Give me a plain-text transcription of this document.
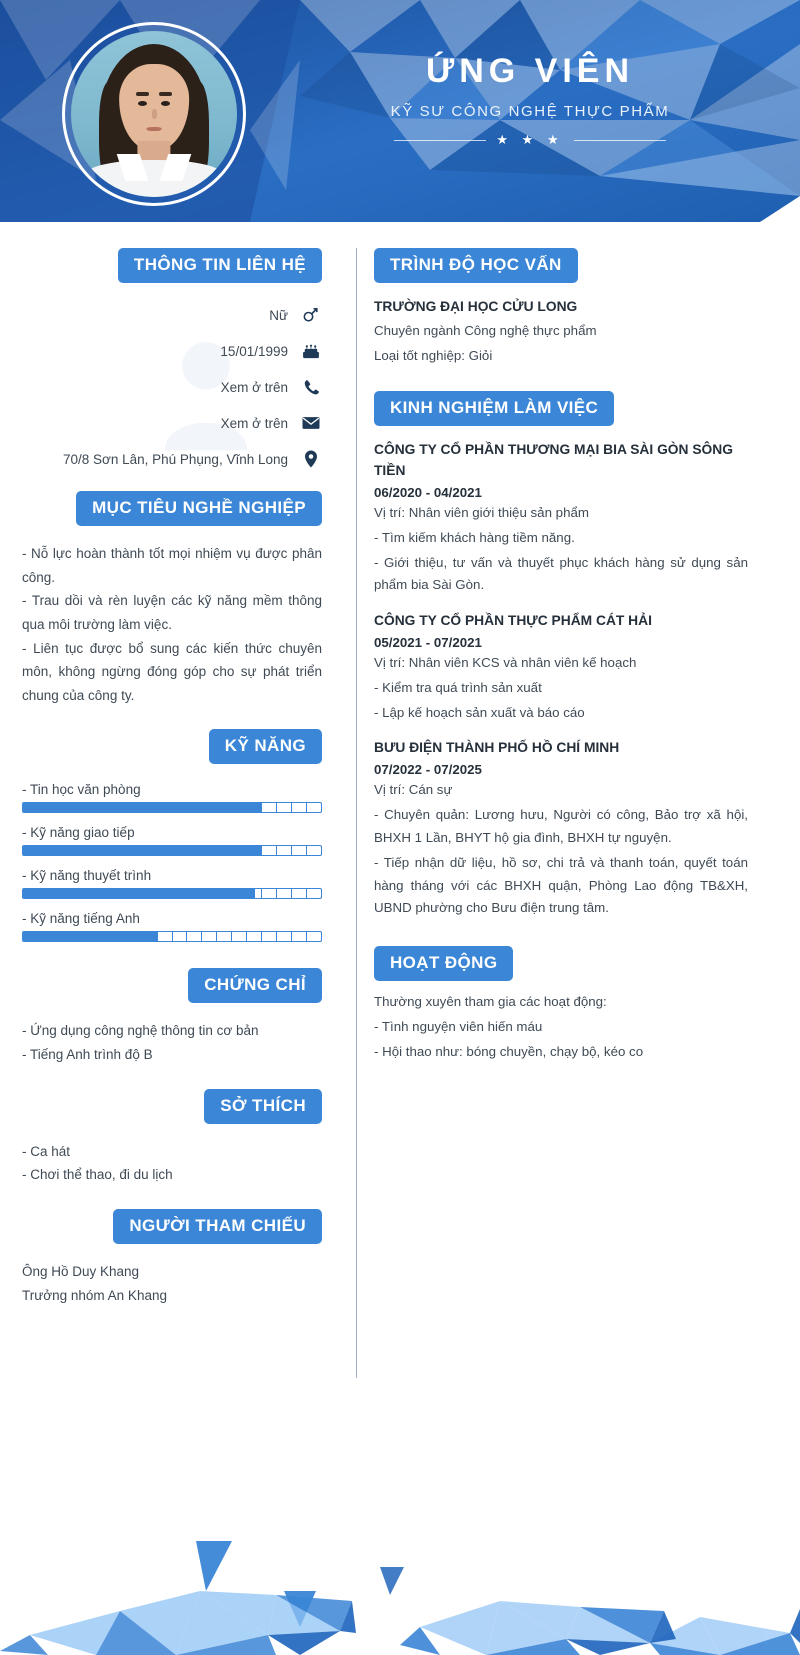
ỨNG VIÊN
KỸ SƯ CÔNG NGHỆ THỰC PHẨM
★ ★ ★
THÔNG TIN LIÊN HỆ
Nữ
15/01/1999
Xem ở trên
Xem ở trên
70/8 Sơn Lân, Phú Phụng, Vĩnh Long
MỤC TIÊU NGHỀ NGHIỆP

- Nỗ lực hoàn thành tốt mọi nhiệm vụ được phân công.

- Trau dồi và rèn luyện các kỹ năng mềm thông qua môi trường làm việc.

- Liên tục được bổ sung các kiến thức chuyên môn, không ngừng đóng góp cho sự phát triển chung của công ty.

KỸ NĂNG
- Tin học văn phòng
- Kỹ năng giao tiếp
- Kỹ năng thuyết trình
- Kỹ năng tiếng Anh
CHỨNG CHỈ

- Ứng dụng công nghệ thông tin cơ bản

- Tiếng Anh trình độ B

SỞ THÍCH

- Ca hát

- Chơi thể thao, đi du lịch

NGƯỜI THAM CHIẾU

Ông Hồ Duy Khang

Trưởng nhóm An Khang

TRÌNH ĐỘ HỌC VẤN
TRƯỜNG ĐẠI HỌC CỬU LONG
Chuyên ngành Công nghệ thực phẩm
Loại tốt nghiệp: Giỏi
KINH NGHIỆM LÀM VIỆC
CÔNG TY CỔ PHẦN THƯƠNG MẠI BIA SÀI GÒN SÔNG TIỀN
06/2020 - 04/2021
Vị trí: Nhân viên giới thiệu sản phẩm
- Tìm kiếm khách hàng tiềm năng.
- Giới thiệu, tư vấn và thuyết phục khách hàng sử dụng sản phẩm bia Sài Gòn.
CÔNG TY CỔ PHẦN THỰC PHẨM CÁT HẢI
05/2021 - 07/2021
Vị trí: Nhân viên KCS và nhân viên kế hoạch
- Kiểm tra quá trình sản xuất
- Lập kế hoạch sản xuất và báo cáo
BƯU ĐIỆN THÀNH PHỐ HỒ CHÍ MINH
07/2022 - 07/2025
Vị trí: Cán sự
- Chuyên quản: Lương hưu, Người có công, Bảo trợ xã hội, BHXH 1 Lần, BHYT hộ gia đình, BHXH tự nguyện.
- Tiếp nhận dữ liệu, hồ sơ, chi trả và thanh toán, quyết toán hàng tháng với các BHXH quận, Phòng Lao động TB&XH, UBND phường cho Bưu điện trung tâm.
HOẠT ĐỘNG
Thường xuyên tham gia các hoạt động:
- Tình nguyện viên hiến máu
- Hội thao như: bóng chuyền, chạy bộ, kéo co
